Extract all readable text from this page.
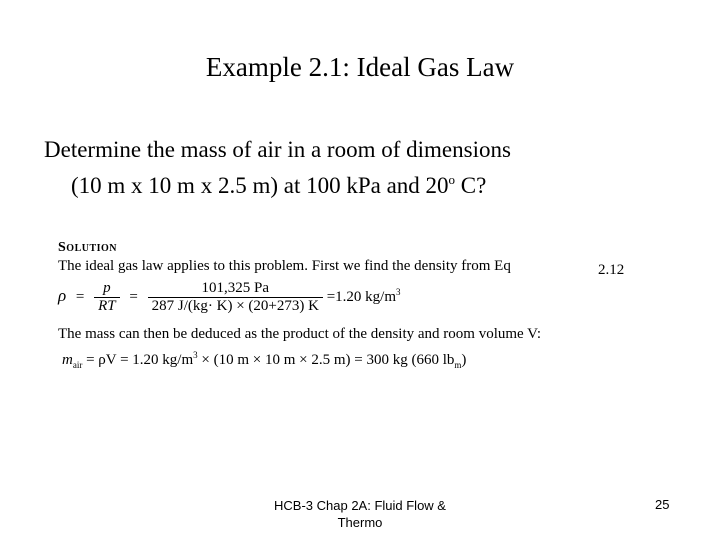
Example 2.1: Ideal Gas Law
Determine the mass of air in a room of dimensions
(10 m x 10 m x 2.5 m) at 100 kPa and 20$^o$ C?
Solution
The ideal gas law applies to this problem. First we find the density from Eq	2.12
$\rho = \frac{p}{RT} = \frac{101,325 Pa}{287 J/(kg\cdot K) \times (20+273) K} =1.20$ $kg/m^3$
The mass can then be deduced as the product of the density and room volume V:
$m_{air} = \rho V = 1.20$ $kg/m^3 \times (10$ m × 10 m × 2.5 m) = 300 kg (660 $lb_m$)
HCB-3 Chap 2A: Fluid Flow &
Thermo
25
